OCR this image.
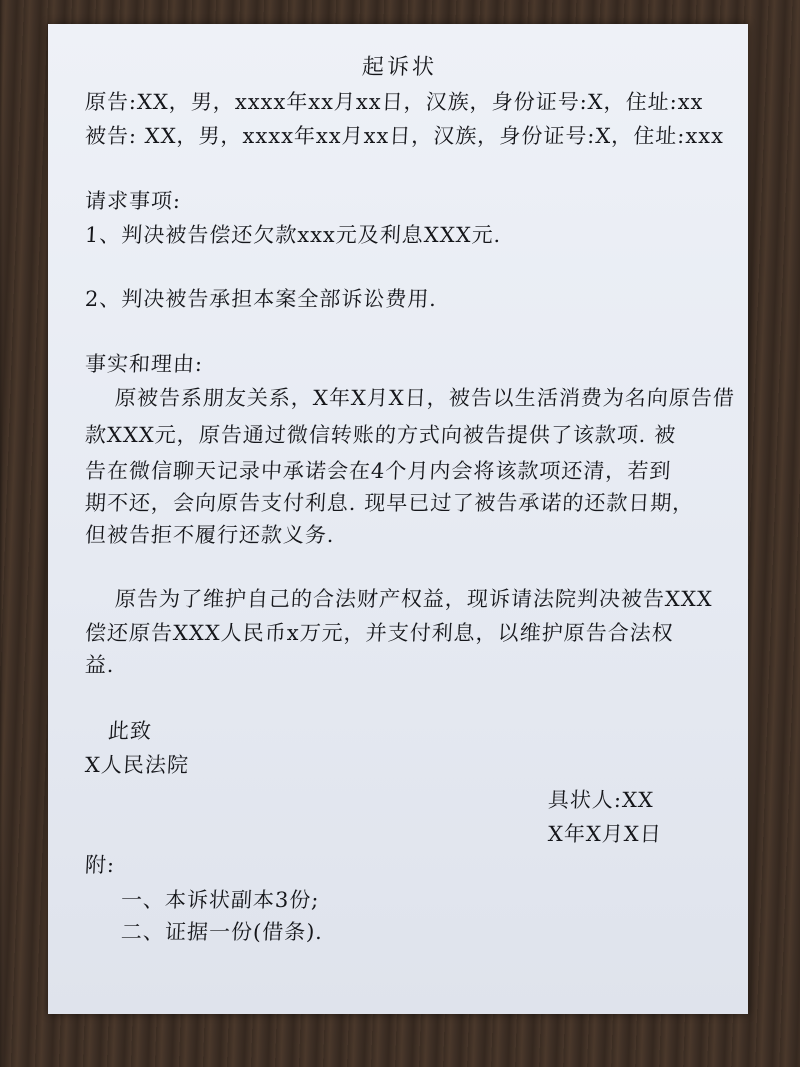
起诉状
原告:XX，男，xxxx年xx月xx日，汉族，身份证号:X，住址:xx
被告: XX，男，xxxx年xx月xx日，汉族，身份证号:X，住址:xxx
请求事项:
1、判决被告偿还欠款xxx元及利息XXX元.
2、判决被告承担本案全部诉讼费用.
事实和理由:
原被告系朋友关系，X年X月X日，被告以生活消费为名向原告借
款XXX元，原告通过微信转账的方式向被告提供了该款项. 被
告在微信聊天记录中承诺会在4个月内会将该款项还清，若到
期不还，会向原告支付利息. 现早已过了被告承诺的还款日期，
但被告拒不履行还款义务.
原告为了维护自己的合法财产权益，现诉请法院判决被告XXX
偿还原告XXX人民币x万元，并支付利息，以维护原告合法权
益.
此致
X人民法院
具状人:XX
X年X月X日
附:
一、本诉状副本3份;
二、证据一份(借条).
